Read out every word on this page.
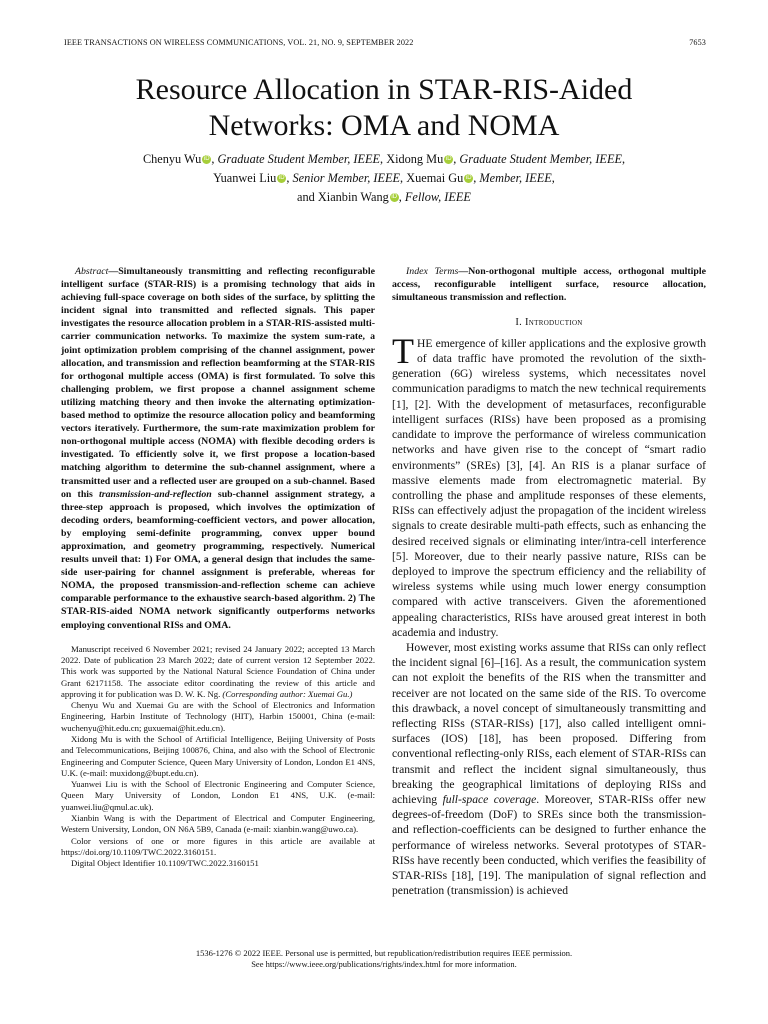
IEEE TRANSACTIONS ON WIRELESS COMMUNICATIONS, VOL. 21, NO. 9, SEPTEMBER 2022	7653
Resource Allocation in STAR-RIS-Aided
Networks: OMA and NOMA
Chenyu Wu iD , Graduate Student Member, IEEE, Xidong Mu iD , Graduate Student Member, IEEE,
Yuanwei Liu iD , Senior Member, IEEE, Xuemai Gu iD , Member, IEEE,
and Xianbin Wang iD , Fellow, IEEE

Abstract—Simultaneously transmitting and reflecting reconfigurable intelligent surface (STAR-RIS) is a promising technology that aids in achieving full-space coverage on both sides of the surface, by splitting the incident signal into transmitted and reflected signals. This paper investigates the resource allocation problem in a STAR-RIS-assisted multi-carrier communication networks. To maximize the system sum-rate, a joint optimization problem comprising of the channel assignment, power allocation, and transmission and reflection beamforming at the STAR-RIS for orthogonal multiple access (OMA) is first formulated. To solve this challenging problem, we first propose a channel assignment scheme utilizing matching theory and then invoke the alternating optimization-based method to optimize the resource allocation policy and beamforming vectors iteratively. Furthermore, the sum-rate maximization problem for non-orthogonal multiple access (NOMA) with flexible decoding orders is investigated. To efficiently solve it, we first propose a location-based matching algorithm to determine the sub-channel assignment, where a transmitted user and a reflected user are grouped on a sub-channel. Based on this transmission-and-reflection sub-channel assignment strategy, a three-step approach is proposed, which involves the optimization of decoding orders, beamforming-coefficient vectors, and power allocation, by employing semi-definite programming, convex upper bound approximation, and geometry programming, respectively. Numerical results unveil that: 1) For OMA, a general design that includes the same-side user-pairing for channel assignment is preferable, whereas for NOMA, the proposed transmission-and-reflection scheme can achieve comparable performance to the exhaustive search-based algorithm. 2) The STAR-RIS-aided NOMA network significantly outperforms networks employing conventional RISs and OMA.

Manuscript received 6 November 2021; revised 24 January 2022; accepted 13 March 2022. Date of publication 23 March 2022; date of current version 12 September 2022. This work was supported by the National Natural Science Foundation of China under Grant 62171158. The associate editor coordinating the review of this article and approving it for publication was D. W. K. Ng. (Corresponding author: Xuemai Gu.)

Chenyu Wu and Xuemai Gu are with the School of Electronics and Information Engineering, Harbin Institute of Technology (HIT), Harbin 150001, China (e-mail: wuchenyu@hit.edu.cn; guxuemai@hit.edu.cn).

Xidong Mu is with the School of Artificial Intelligence, Beijing University of Posts and Telecommunications, Beijing 100876, China, and also with the School of Electronic Engineering and Computer Science, Queen Mary University of London, London E1 4NS, U.K. (e-mail: muxidong@bupt.edu.cn).

Yuanwei Liu is with the School of Electronic Engineering and Computer Science, Queen Mary University of London, London E1 4NS, U.K. (e-mail: yuanwei.liu@qmul.ac.uk).

Xianbin Wang is with the Department of Electrical and Computer Engineering, Western University, London, ON N6A 5B9, Canada (e-mail: xianbin.wang@uwo.ca).

Color versions of one or more figures in this article are available at https://doi.org/10.1109/TWC.2022.3160151.

Digital Object Identifier 10.1109/TWC.2022.3160151

Index Terms—Non-orthogonal multiple access, orthogonal multiple access, reconfigurable intelligent surface, resource allocation, simultaneous transmission and reflection.

I. Introduction

THE emergence of killer applications and the explosive growth of data traffic have promoted the revolution of the sixth-generation (6G) wireless systems, which necessitates novel communication paradigms to match the new technical requirements [1], [2]. With the development of metasurfaces, reconfigurable intelligent surfaces (RISs) have been proposed as a promising candidate to improve the performance of wireless communication networks and have given rise to the concept of “smart radio environments” (SREs) [3], [4]. An RIS is a planar surface of massive elements made from electromagnetic material. By controlling the phase and amplitude responses of these elements, RISs can effectively adjust the propagation of the incident wireless signals to create desirable multi-path effects, such as enhancing the desired received signals or eliminating inter/intra-cell interference [5]. Moreover, due to their nearly passive nature, RISs can be deployed to improve the spectrum efficiency and the reliability of wireless systems while using much lower energy consumption compared with active transceivers. Given the aforementioned appealing characteristics, RISs have aroused great interest in both academia and industry.

However, most existing works assume that RISs can only reflect the incident signal [6]–[16]. As a result, the communication system can not exploit the benefits of the RIS when the transmitter and receiver are not located on the same side of the RIS. To overcome this drawback, a novel concept of simultaneously transmitting and reflecting RISs (STAR-RISs) [17], also called intelligent omni-surfaces (IOS) [18], has been proposed. Differing from conventional reflecting-only RISs, each element of STAR-RISs can transmit and reflect the incident signal simultaneously, thus breaking the geographical limitations of deploying RISs and achieving full-space coverage. Moreover, STAR-RISs offer new degrees-of-freedom (DoF) to SREs since both the transmission- and reflection-coefficients can be designed to further enhance the performance of wireless networks. Several prototypes of STAR-RISs have recently been conducted, which verifies the feasibility of STAR-RISs [18], [19]. The manipulation of signal reflection and penetration (transmission) is achieved

1536-1276 © 2022 IEEE. Personal use is permitted, but republication/redistribution requires IEEE permission.
See https://www.ieee.org/publications/rights/index.html for more information.
